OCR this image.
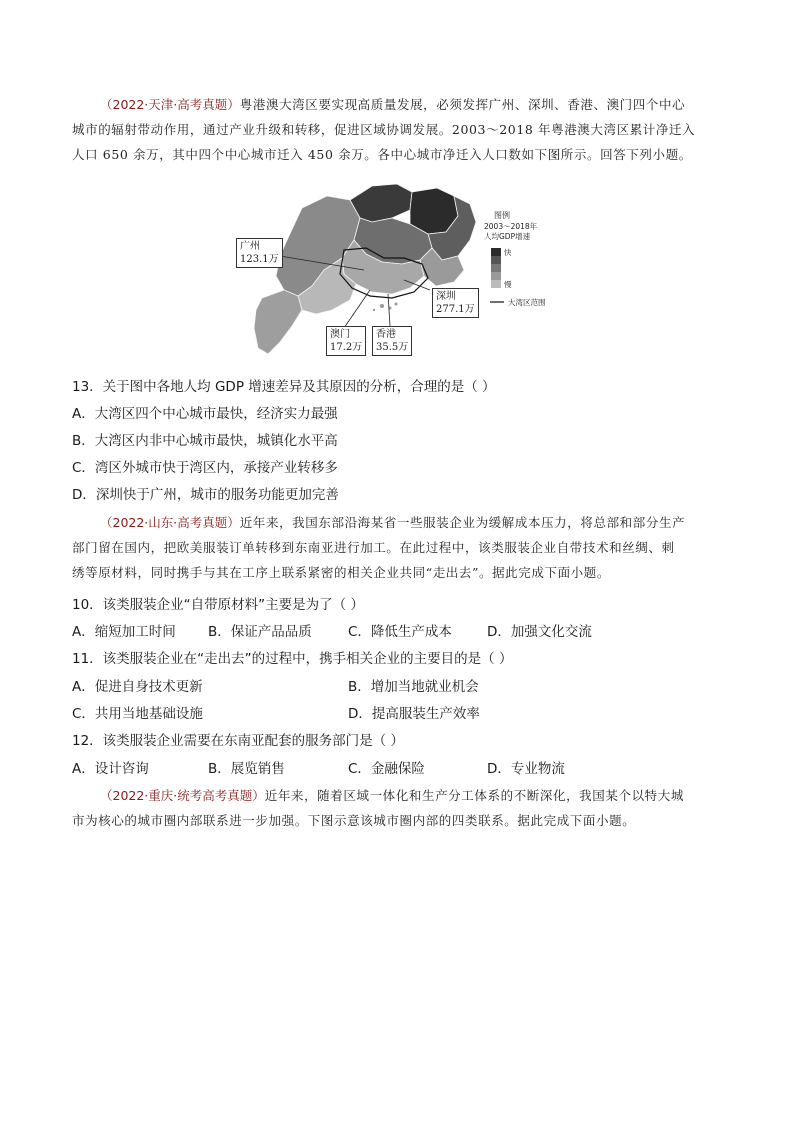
（2022·天津·高考真题）粤港澳大湾区要实现高质量发展，必须发挥广州、深圳、香港、澳门四个中心
城市的辐射带动作用，通过产业升级和转移，促进区域协调发展。2003～2018 年粤港澳大湾区累计净迁入
人口 650 余万，其中四个中心城市迁入 450 余万。各中心城市净迁入人口数如下图所示。回答下列小题。
图例
2003～2018年
人均GDP增速
快
慢
大湾区范围
广州
123.1万
澳门
17.2万
香港
35.5万
深圳
277.1万
13．关于图中各地人均 GDP 增速差异及其原因的分析，合理的是（ ）
A．大湾区四个中心城市最快，经济实力最强
B．大湾区内非中心城市最快，城镇化水平高
C．湾区外城市快于湾区内，承接产业转移多
D．深圳快于广州，城市的服务功能更加完善
（2022·山东·高考真题）近年来，我国东部沿海某省一些服装企业为缓解成本压力，将总部和部分生产
部门留在国内，把欧美服装订单转移到东南亚进行加工。在此过程中，该类服装企业自带技术和丝绸、刺
绣等原材料，同时携手与其在工序上联系紧密的相关企业共同“走出去”。据此完成下面小题。
10．该类服装企业“自带原材料”主要是为了（ ）
A．缩短加工时间 B．保证产品品质	C．降低生产成本	D．加强文化交流
11．该类服装企业在“走出去”的过程中，携手相关企业的主要目的是（ ）
A．促进自身技术更新	B．增加当地就业机会
C．共用当地基础设施	D．提高服装生产效率
12．该类服装企业需要在东南亚配套的服务部门是（ ）
A．设计咨询	B．展览销售	C．金融保险	D．专业物流
（2022·重庆·统考高考真题）近年来，随着区域一体化和生产分工体系的不断深化，我国某个以特大城
市为核心的城市圈内部联系进一步加强。下图示意该城市圈内部的四类联系。据此完成下面小题。
